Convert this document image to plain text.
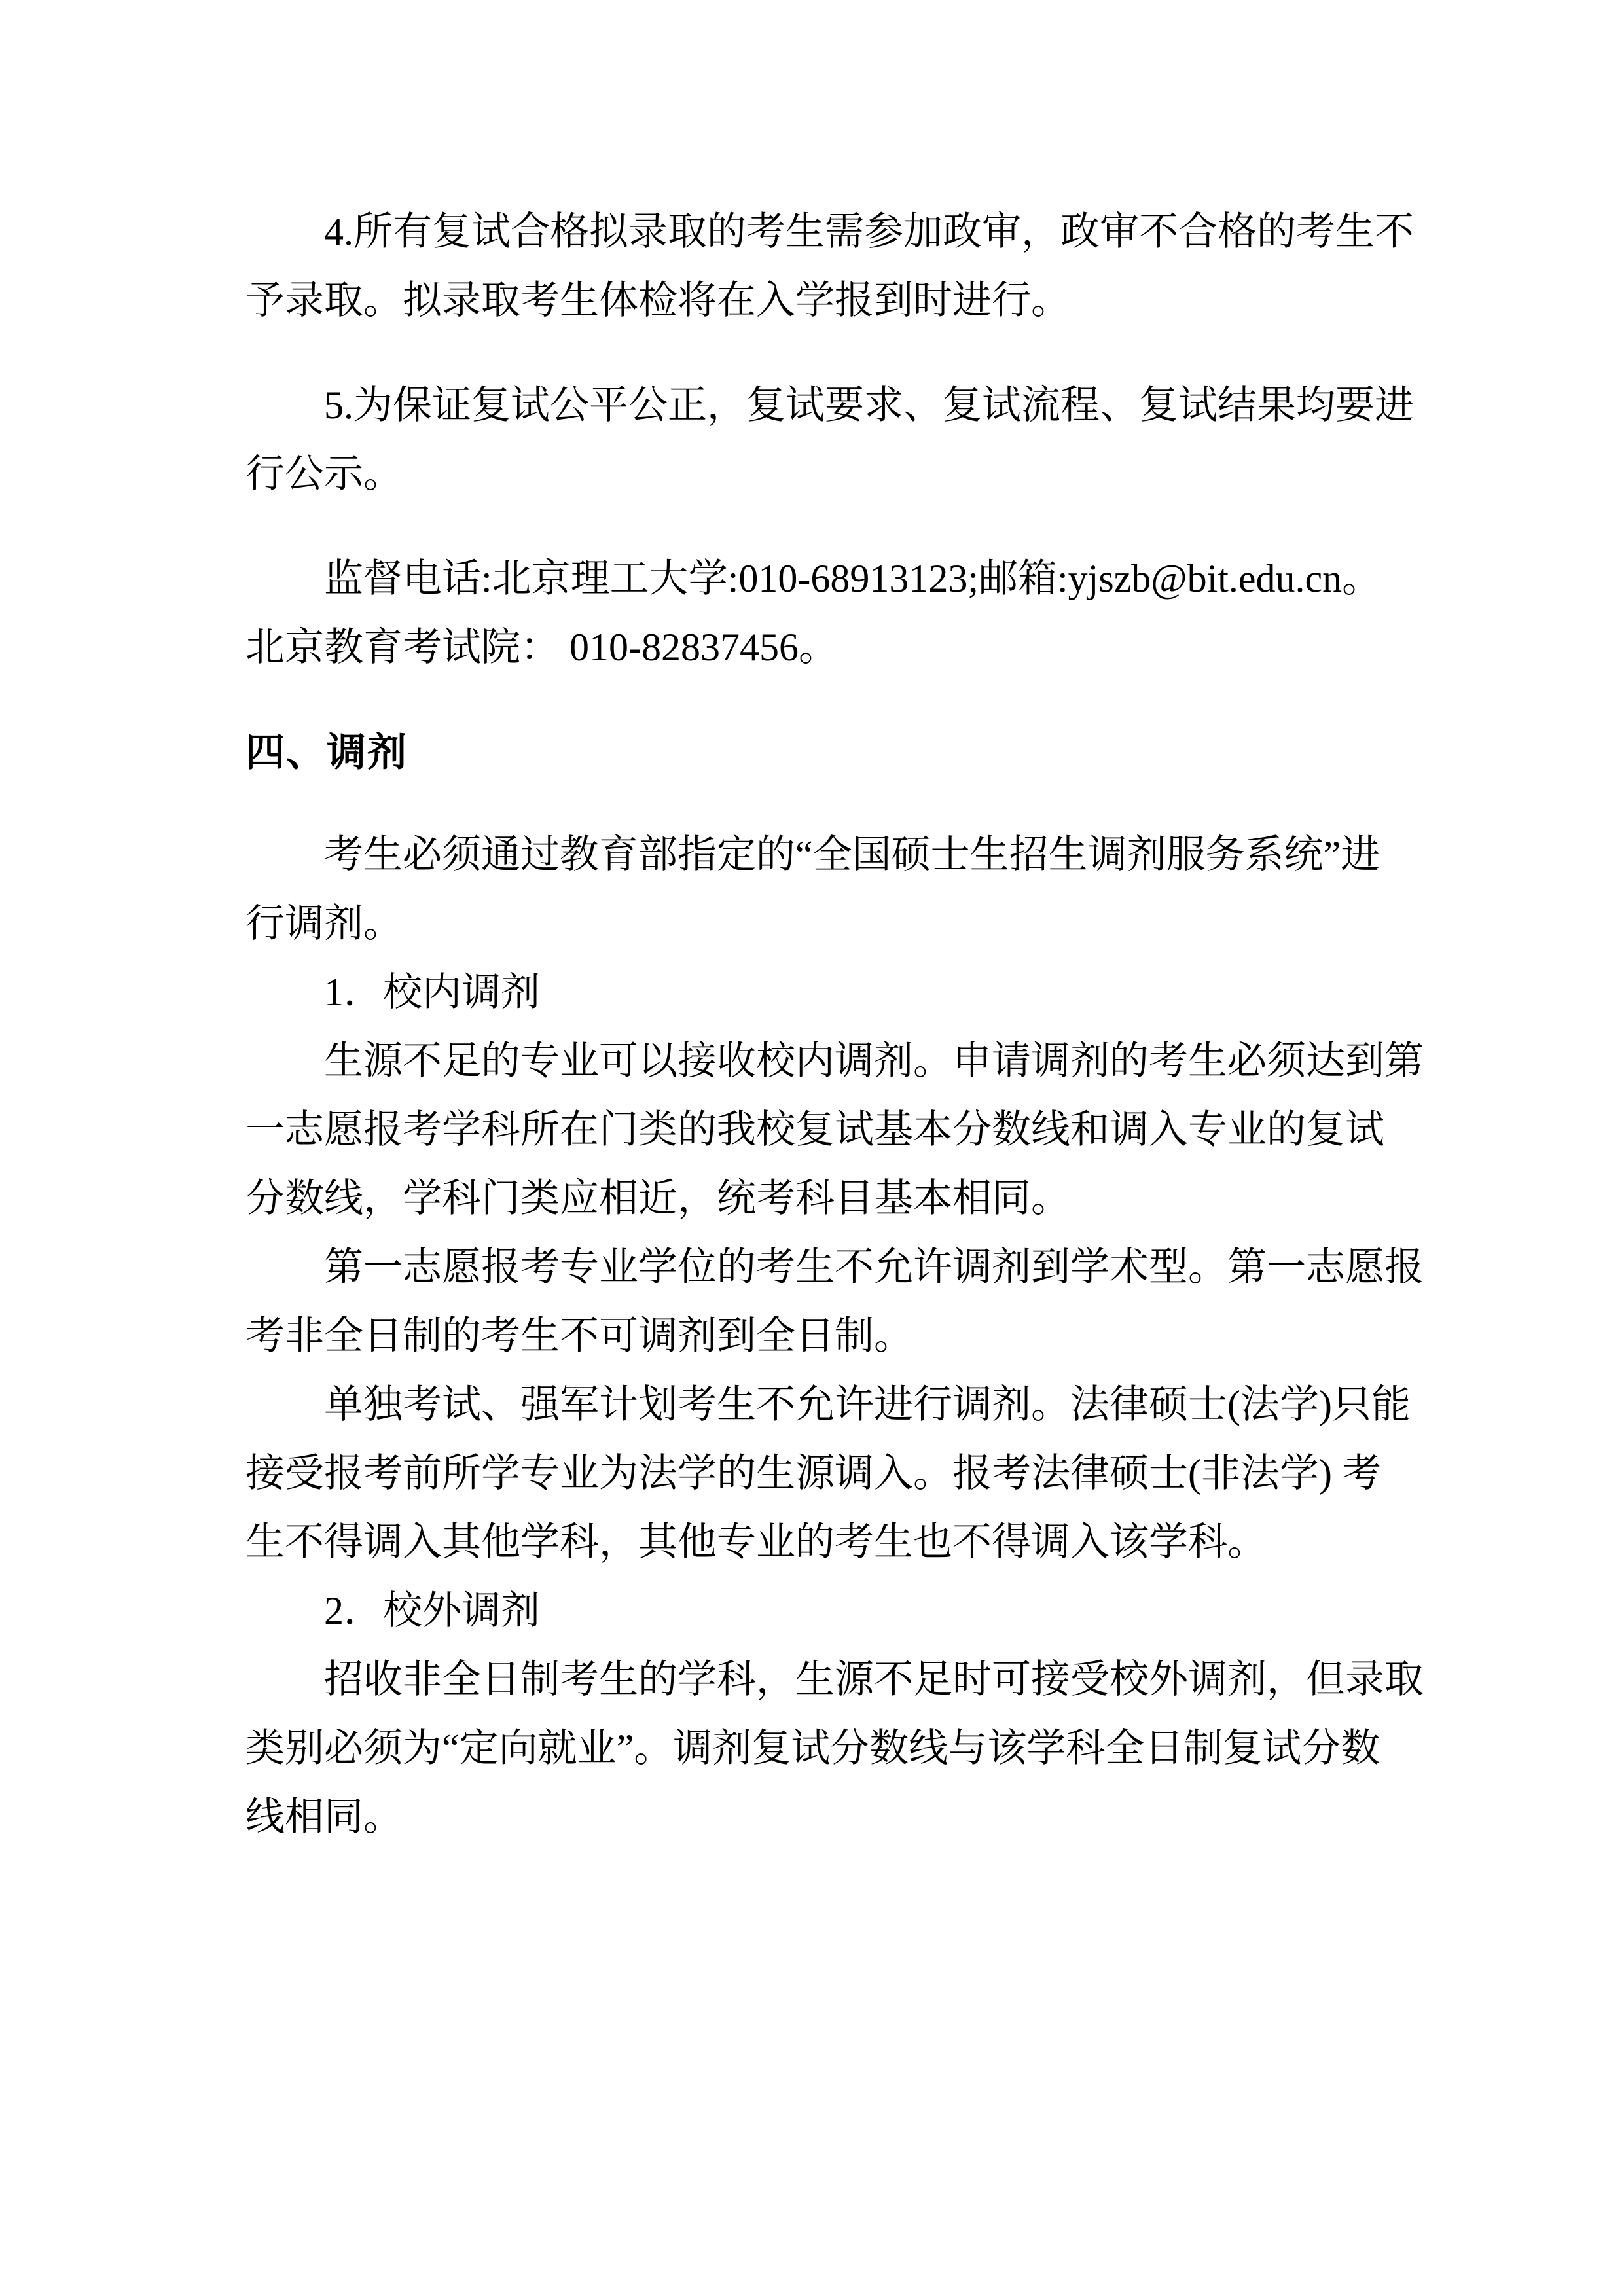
4.所有复试合格拟录取的考生需参加政审，政审不合格的考生不
予录取。拟录取考生体检将在入学报到时进行。
5.为保证复试公平公正，复试要求、复试流程、复试结果均要进
行公示。
监督电话:北京理工大学:010-68913123;邮箱:yjszb@bit.edu.cn。
北京教育考试院： 010-82837456。
四、调剂
考生必须通过教育部指定的“全国硕士生招生调剂服务系统”进
行调剂。
1．校内调剂
生源不足的专业可以接收校内调剂。申请调剂的考生必须达到第
一志愿报考学科所在门类的我校复试基本分数线和调入专业的复试
分数线，学科门类应相近，统考科目基本相同。
第一志愿报考专业学位的考生不允许调剂到学术型。第一志愿报
考非全日制的考生不可调剂到全日制。
单独考试、强军计划考生不允许进行调剂。法律硕士(法学)只能
接受报考前所学专业为法学的生源调入。报考法律硕士(非法学) 考
生不得调入其他学科，其他专业的考生也不得调入该学科。
2．校外调剂
招收非全日制考生的学科，生源不足时可接受校外调剂，但录取
类别必须为“定向就业”。调剂复试分数线与该学科全日制复试分数
线相同。
